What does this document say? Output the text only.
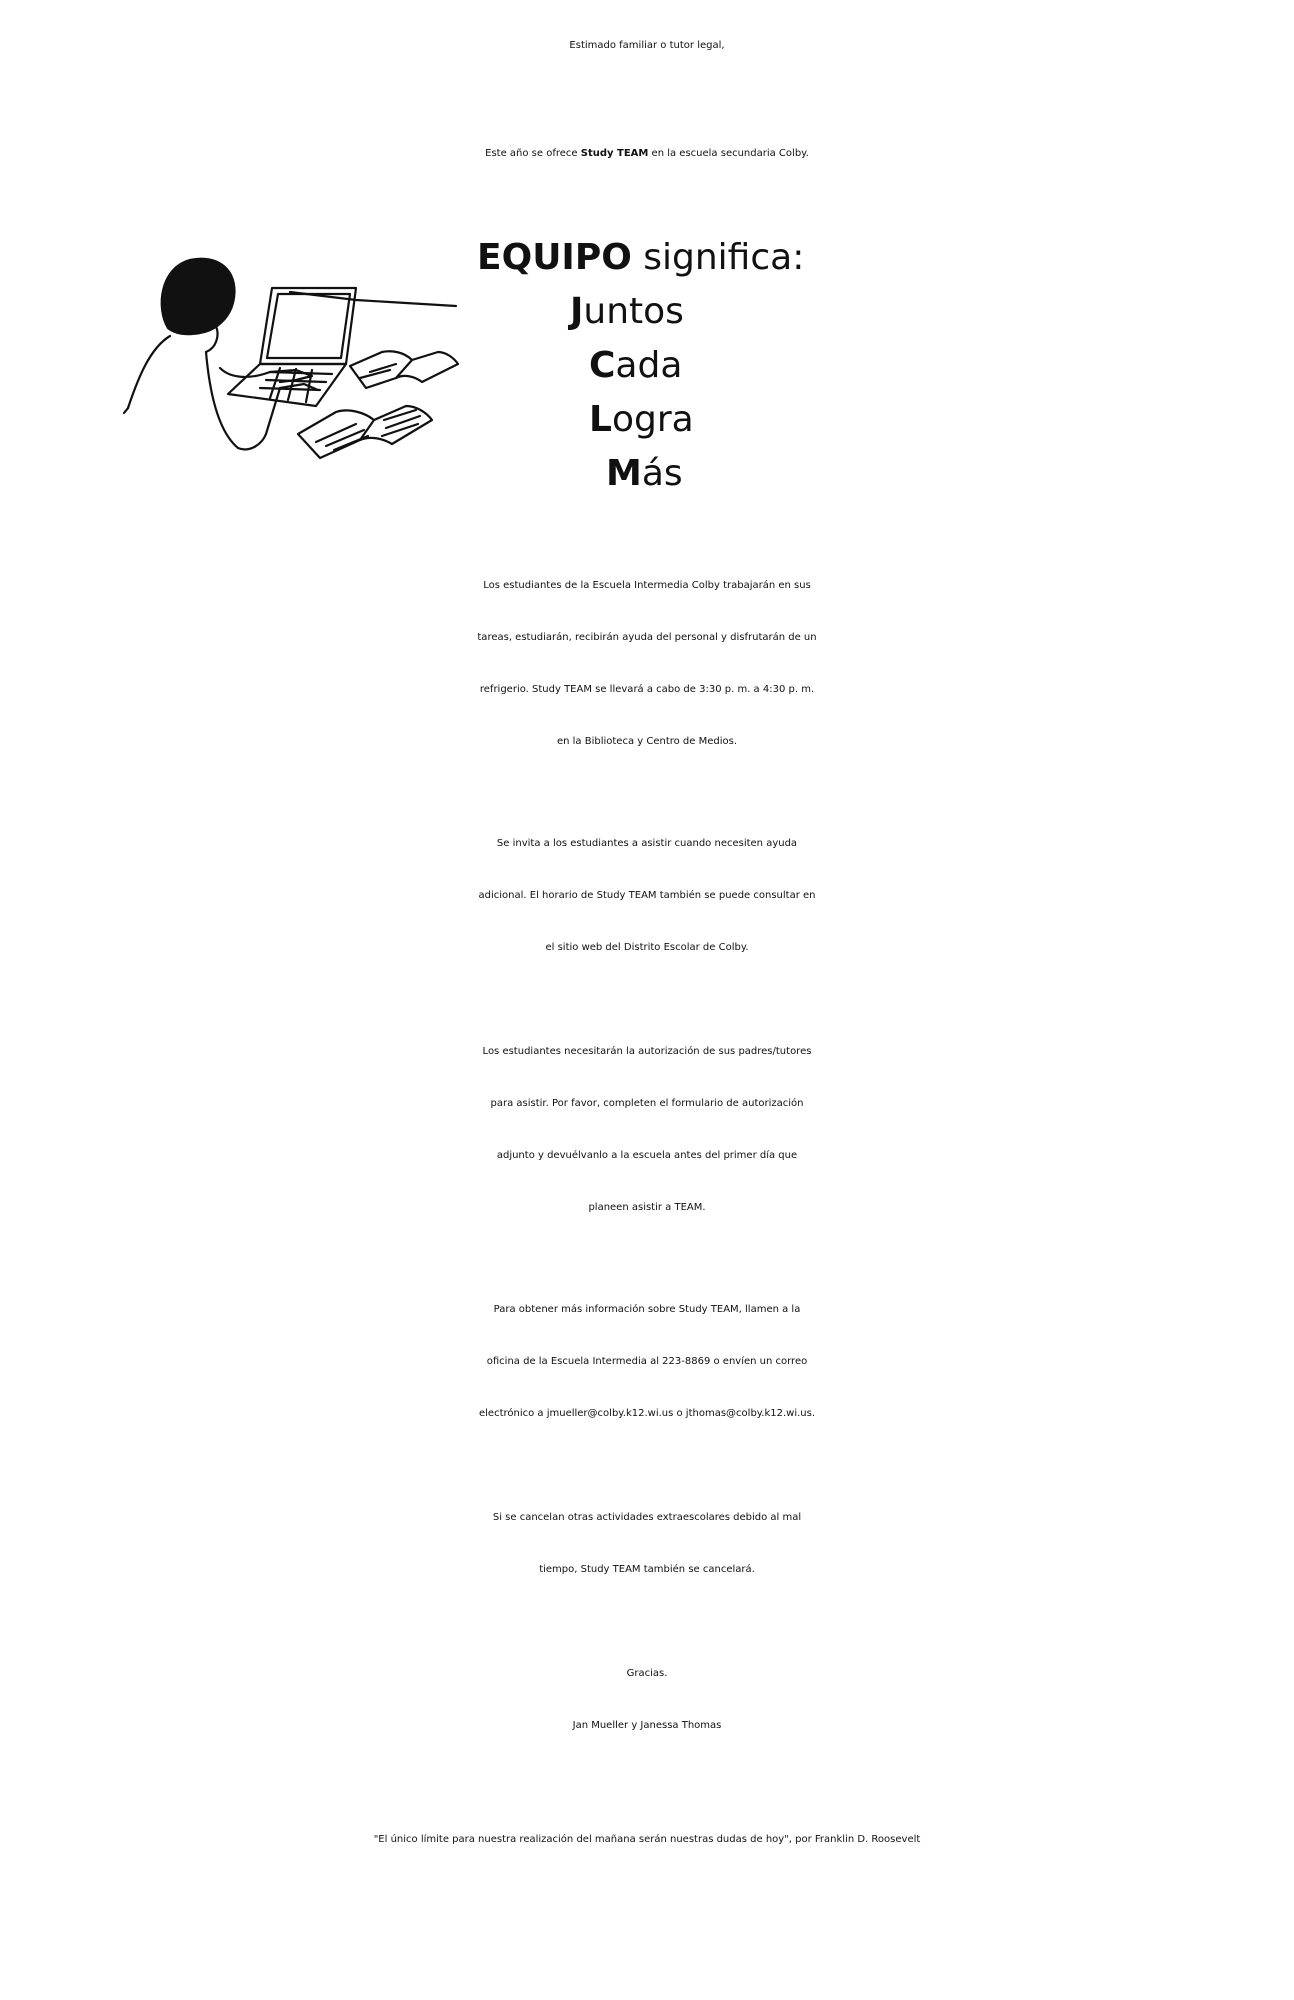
Estimado familiar o tutor legal,
Este año se ofrece Study TEAM en la escuela secundaria Colby.
EQUIPO significa:
Juntos
Cada
Logra
Más
Los estudiantes de la Escuela Intermedia Colby trabajarán en sus
tareas, estudiarán, recibirán ayuda del personal y disfrutarán de un
refrigerio. Study TEAM se llevará a cabo de 3:30 p. m. a 4:30 p. m.
en la Biblioteca y Centro de Medios.
Se invita a los estudiantes a asistir cuando necesiten ayuda
adicional. El horario de Study TEAM también se puede consultar en
el sitio web del Distrito Escolar de Colby.
Los estudiantes necesitarán la autorización de sus padres/tutores
para asistir. Por favor, completen el formulario de autorización
adjunto y devuélvanlo a la escuela antes del primer día que
planeen asistir a TEAM.
Para obtener más información sobre Study TEAM, llamen a la
oficina de la Escuela Intermedia al 223-8869 o envíen un correo
electrónico a jmueller@colby.k12.wi.us o jthomas@colby.k12.wi.us.
Si se cancelan otras actividades extraescolares debido al mal
tiempo, Study TEAM también se cancelará.
Gracias.
Jan Mueller y Janessa Thomas
"El único límite para nuestra realización del mañana serán nuestras dudas de hoy", por Franklin D. Roosevelt
